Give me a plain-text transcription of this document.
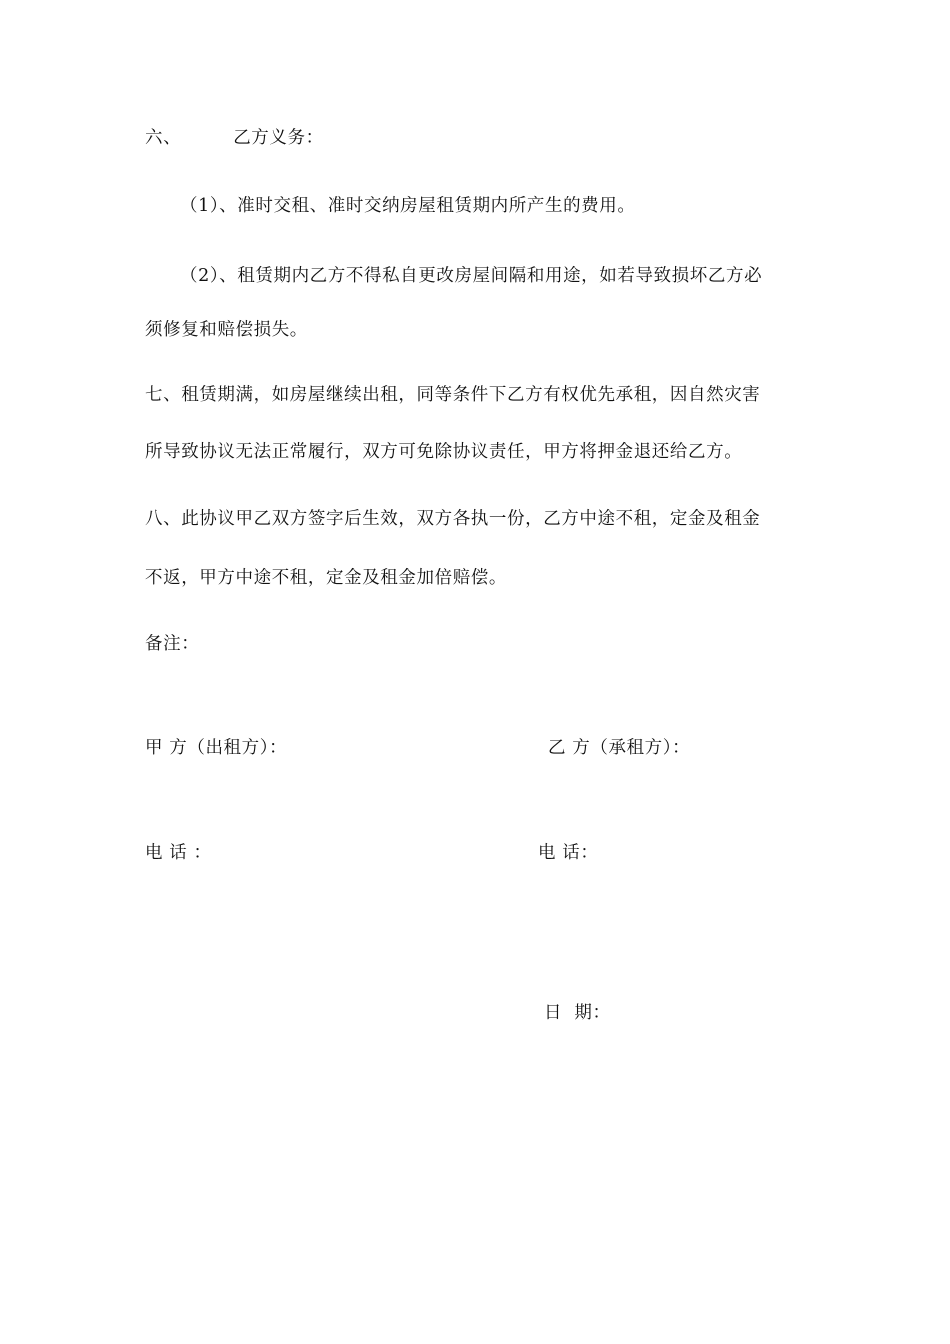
六、	乙方义务：
（1）、准时交租、准时交纳房屋租赁期内所产生的费用。
（2）、租赁期内乙方不得私自更改房屋间隔和用途，如若导致损坏乙方必
须修复和赔偿损失。
七、租赁期满，如房屋继续出租，同等条件下乙方有权优先承租，因自然灾害
所导致协议无法正常履行，双方可免除协议责任，甲方将押金退还给乙方。
八、此协议甲乙双方签字后生效，双方各执一份，乙方中途不租，定金及租金
不返，甲方中途不租，定金及租金加倍赔偿。
备注：
甲 方（出租方）：	乙 方（承租方）：
电 话 ：	电 话：
日  期：
